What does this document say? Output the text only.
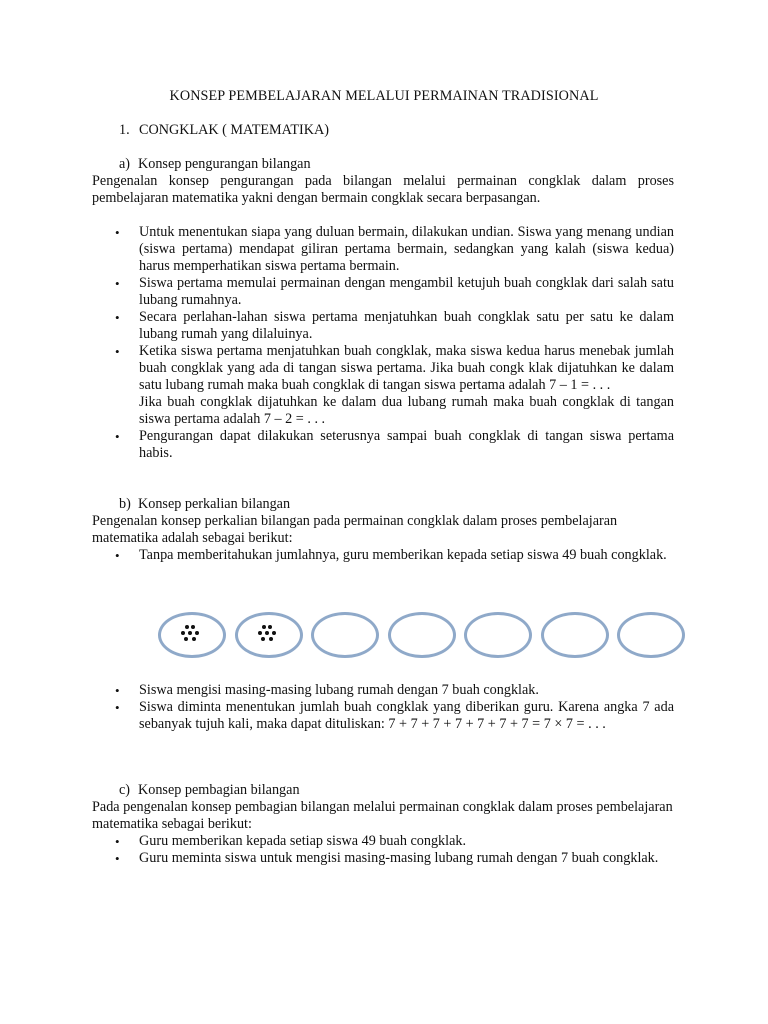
KONSEP PEMBELAJARAN MELALUI PERMAINAN TRADISIONAL
1. CONGKLAK ( MATEMATIKA)
a) Konsep pengurangan bilangan
Pengenalan konsep pengurangan pada bilangan melalui permainan congklak dalam proses pembelajaran matematika yakni dengan bermain congklak secara berpasangan.
• Untuk menentukan siapa yang duluan bermain, dilakukan undian. Siswa yang menang undian (siswa pertama) mendapat giliran pertama bermain, sedangkan yang kalah (siswa kedua) harus memperhatikan siswa pertama bermain.
• Siswa pertama memulai permainan dengan mengambil ketujuh buah congklak dari salah satu lubang rumahnya.
• Secara perlahan-lahan siswa pertama menjatuhkan buah congklak satu per satu ke dalam lubang rumah yang dilaluinya.
• Ketika siswa pertama menjatuhkan buah congklak, maka siswa kedua harus menebak jumlah buah congklak yang ada di tangan siswa pertama. Jika buah congk klak dijatuhkan ke dalam satu lubang rumah maka buah congklak di tangan siswa pertama adalah 7 – 1 = . . .
Jika buah congklak dijatuhkan ke dalam dua lubang rumah maka buah congklak di tangan siswa pertama adalah 7 – 2 = . . .
• Pengurangan dapat dilakukan seterusnya sampai buah congklak di tangan siswa pertama habis.
b) Konsep perkalian bilangan
Pengenalan konsep perkalian bilangan pada permainan congklak dalam proses pembelajaran matematika adalah sebagai berikut:
• Tanpa memberitahukan jumlahnya, guru memberikan kepada setiap siswa 49 buah congklak.
• Siswa mengisi masing-masing lubang rumah dengan 7 buah congklak.
• Siswa diminta menentukan jumlah buah congklak yang diberikan guru. Karena angka 7 ada sebanyak tujuh kali, maka dapat dituliskan: 7 + 7 + 7 + 7 + 7 + 7 + 7 = 7 × 7 = . . .
c) Konsep pembagian bilangan
Pada pengenalan konsep pembagian bilangan melalui permainan congklak dalam proses pembelajaran matematika sebagai berikut:
• Guru memberikan kepada setiap siswa 49 buah congklak.
• Guru meminta siswa untuk mengisi masing-masing lubang rumah dengan 7 buah congklak.
